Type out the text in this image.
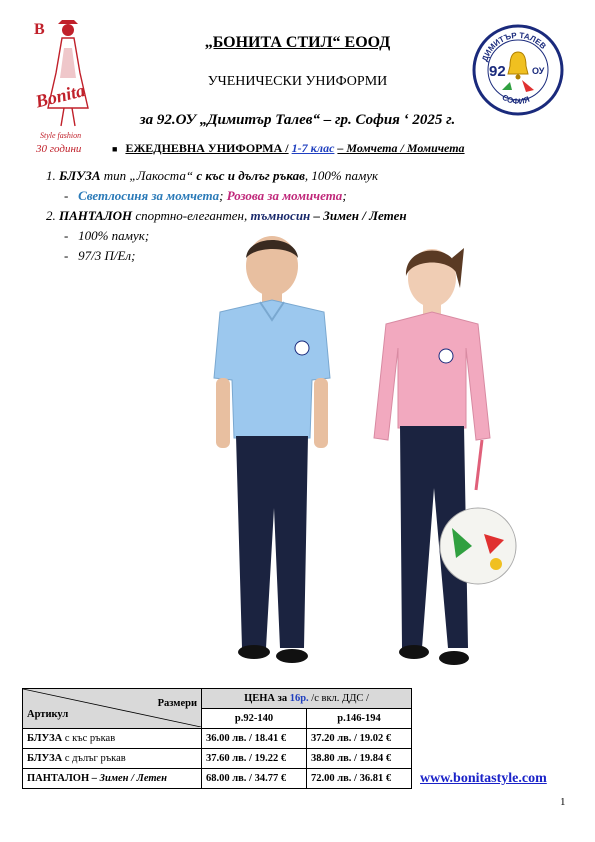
B
Bonita
Style fashion
30 години
ДИМИТЪР ТАЛЕВ
СОФИЯ
92	ОУ
„БОНИТА СТИЛ“ ЕООД
УЧЕНИЧЕСКИ УНИФОРМИ
за 92.ОУ „Димитър Талев“ – гр. София ‘ 2025 г.
■ ЕЖЕДНЕВНА УНИФОРМА / 1-7 клас – Момчета / Момичета
1. БЛУЗА тип „Лакоста“ с къс и дълъг ръкав, 100% памук
- Светлосиня за момчета; Розова за момичета;
2. ПАНТАЛОН спортно-елегантен, тъмносин – Зимен / Летен
- 100% памук;
- 97/3 П/Ел;
Размери
Артикул	ЦЕНА за 16р. /с вкл. ДДС /	
	р.92-140	р.146-194
БЛУЗА с къс ръкав	36.00 лв. / 18.41 €	37.20 лв. / 19.02 €
БЛУЗА с дълъг ръкав	37.60 лв. / 19.22 €	38.80 лв. / 19.84 €
ПАНТАЛОН – Зимен / Летен	68.00 лв. / 34.77 €	72.00 лв. / 36.81 € www.bonitastyle.com
1
